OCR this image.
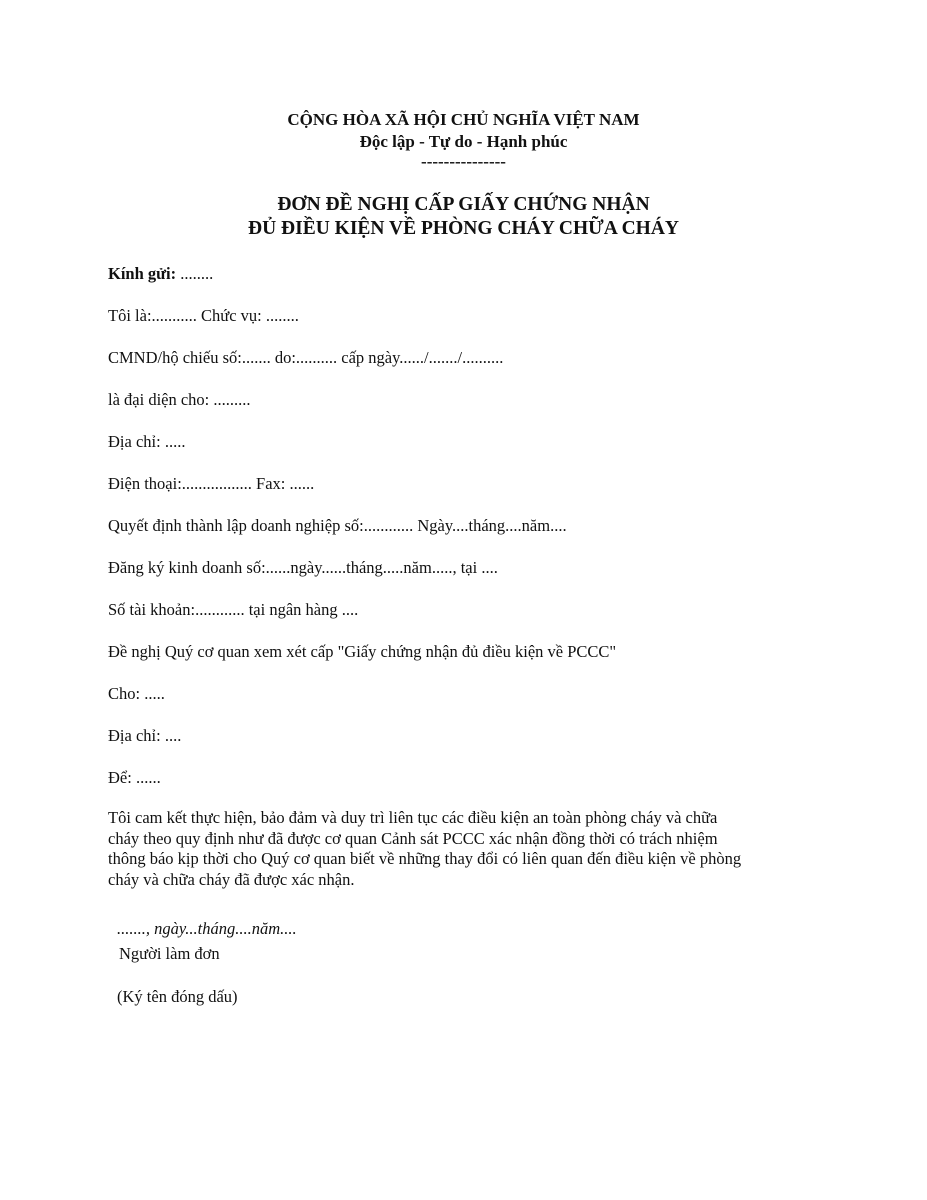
CỘNG HÒA XÃ HỘI CHỦ NGHĨA VIỆT NAM
Độc lập - Tự do - Hạnh phúc
---------------
ĐƠN ĐỀ NGHỊ CẤP GIẤY CHỨNG NHẬN
ĐỦ ĐIỀU KIỆN VỀ PHÒNG CHÁY CHỮA CHÁY
Kính gửi: ........
Tôi là:........... Chức vụ: ........
CMND/hộ chiếu số:....... do:.......... cấp ngày....../......./..........
là đại diện cho: .........
Địa chỉ: .....
Điện thoại:................. Fax: ......
Quyết định thành lập doanh nghiệp số:............ Ngày....tháng....năm....
Đăng ký kinh doanh số:......ngày......tháng.....năm....., tại ....
Số tài khoản:............ tại ngân hàng ....
Đề nghị Quý cơ quan xem xét cấp "Giấy chứng nhận đủ điều kiện về PCCC"
Cho: .....
Địa chỉ: ....
Để: ......
Tôi cam kết thực hiện, bảo đảm và duy trì liên tục các điều kiện an toàn phòng cháy và chữa
cháy theo quy định như đã được cơ quan Cảnh sát PCCC xác nhận đồng thời có trách nhiệm
thông báo kịp thời cho Quý cơ quan biết về những thay đổi có liên quan đến điều kiện về phòng
cháy và chữa cháy đã được xác nhận.
......., ngày...tháng....năm....
Người làm đơn
(Ký tên đóng dấu)
